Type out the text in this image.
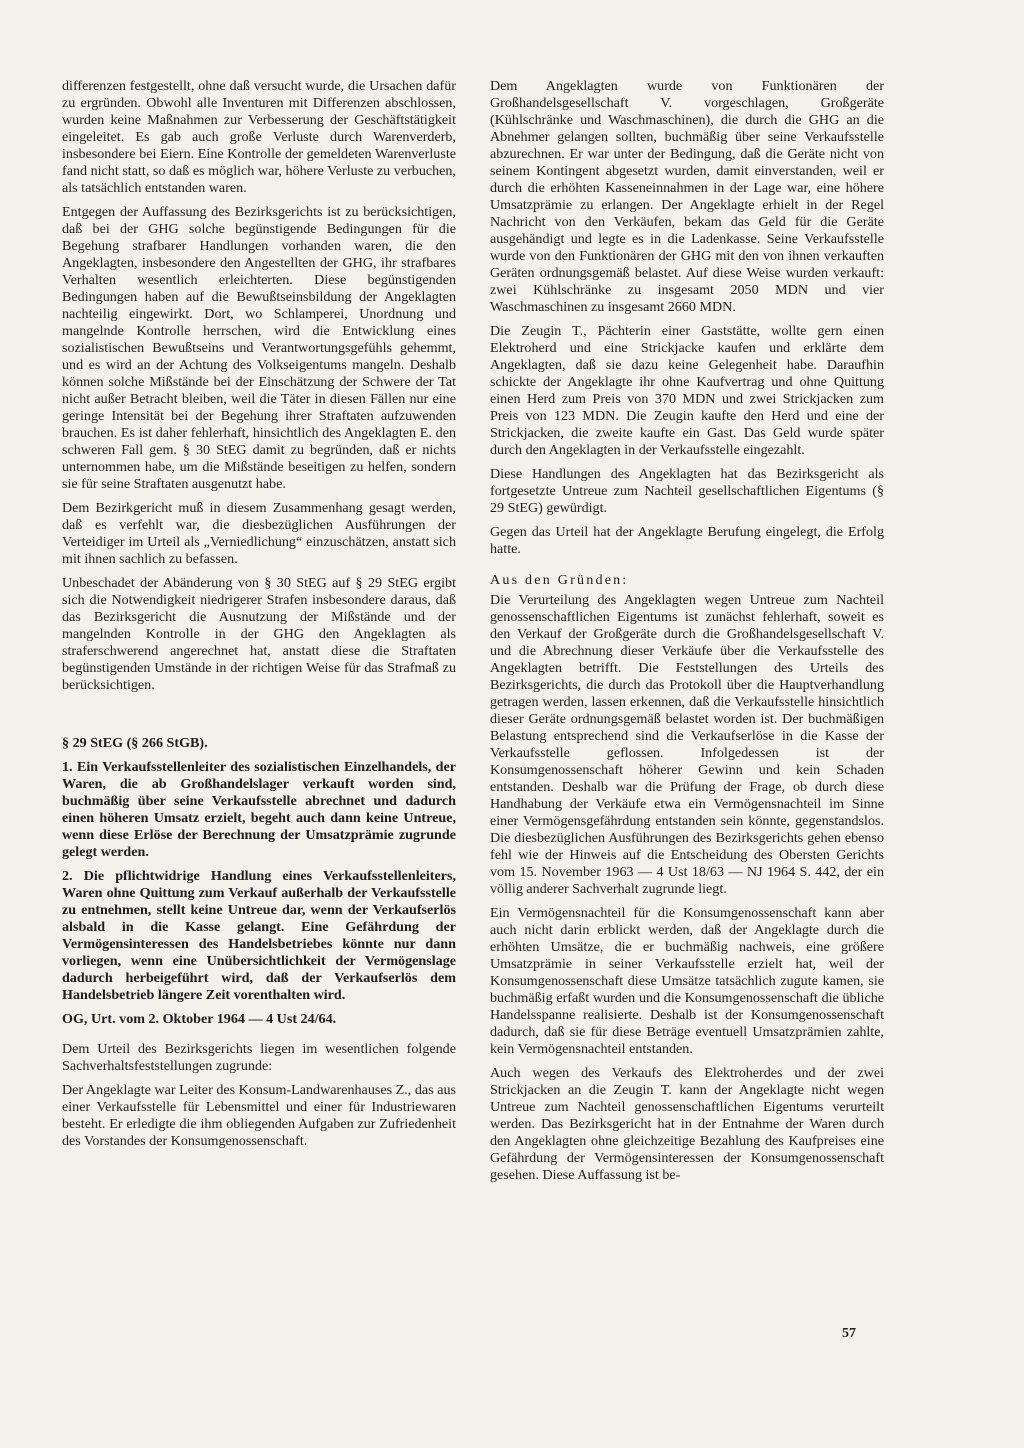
differenzen festgestellt, ohne daß versucht wurde, die Ursachen dafür zu ergründen. Obwohl alle Inventuren mit Differenzen abschlossen, wurden keine Maßnahmen zur Verbesserung der Geschäftstätigkeit eingeleitet. Es gab auch große Verluste durch Warenverderb, insbesondere bei Eiern. Eine Kontrolle der gemeldeten Warenverluste fand nicht statt, so daß es möglich war, höhere Verluste zu verbuchen, als tatsächlich entstanden waren.

Entgegen der Auffassung des Bezirksgerichts ist zu berücksichtigen, daß bei der GHG solche begünstigende Bedingungen für die Begehung strafbarer Handlungen vorhanden waren, die den Angeklagten, insbesondere den Angestellten der GHG, ihr strafbares Verhalten wesentlich erleichterten. Diese begünstigenden Bedingungen haben auf die Bewußtseinsbildung der Angeklagten nachteilig eingewirkt. Dort, wo Schlamperei, Unordnung und mangelnde Kontrolle herrschen, wird die Entwicklung eines sozialistischen Bewußtseins und Verantwortungsgefühls gehemmt, und es wird an der Achtung des Volkseigentums mangeln. Deshalb können solche Mißstände bei der Einschätzung der Schwere der Tat nicht außer Betracht bleiben, weil die Täter in diesen Fällen nur eine geringe Intensität bei der Begehung ihrer Straftaten aufzuwenden brauchen. Es ist daher fehlerhaft, hinsichtlich des Angeklagten E. den schweren Fall gem. § 30 StEG damit zu begründen, daß er nichts unternommen habe, um die Mißstände beseitigen zu helfen, sondern sie für seine Straftaten ausgenutzt habe.

Dem Bezirkgericht muß in diesem Zusammenhang gesagt werden, daß es verfehlt war, die diesbezüglichen Ausführungen der Verteidiger im Urteil als „Verniedlichung“ einzuschätzen, anstatt sich mit ihnen sachlich zu befassen.

Unbeschadet der Abänderung von § 30 StEG auf § 29 StEG ergibt sich die Notwendigkeit niedrigerer Strafen insbesondere daraus, daß das Bezirksgericht die Ausnutzung der Mißstände und der mangelnden Kontrolle in der GHG den Angeklagten als straferschwerend angerechnet hat, anstatt diese die Straftaten begünstigenden Umstände in der richtigen Weise für das Strafmaß zu berücksichtigen.

§ 29 StEG (§ 266 StGB).

1. Ein Verkaufsstellenleiter des sozialistischen Einzelhandels, der Waren, die ab Großhandelslager verkauft worden sind, buchmäßig über seine Verkaufsstelle abrechnet und dadurch einen höheren Umsatz erzielt, begeht auch dann keine Untreue, wenn diese Erlöse der Berechnung der Umsatzprämie zugrunde gelegt werden.

2. Die pflichtwidrige Handlung eines Verkaufsstellenleiters, Waren ohne Quittung zum Verkauf außerhalb der Verkaufsstelle zu entnehmen, stellt keine Untreue dar, wenn der Verkaufserlös alsbald in die Kasse gelangt. Eine Gefährdung der Vermögensinteressen des Handelsbetriebes könnte nur dann vorliegen, wenn eine Unübersichtlichkeit der Vermögenslage dadurch herbeigeführt wird, daß der Verkaufserlös dem Handelsbetrieb längere Zeit vorenthalten wird.

OG, Urt. vom 2. Oktober 1964 — 4 Ust 24/64.

Dem Urteil des Bezirksgerichts liegen im wesentlichen folgende Sachverhaltsfeststellungen zugrunde:

Der Angeklagte war Leiter des Konsum-Landwarenhauses Z., das aus einer Verkaufsstelle für Lebensmittel und einer für Industriewaren besteht. Er erledigte die ihm obliegenden Aufgaben zur Zufriedenheit des Vorstandes der Konsumgenossenschaft.

Dem Angeklagten wurde von Funktionären der Großhandelsgesellschaft V. vorgeschlagen, Großgeräte (Kühlschränke und Waschmaschinen), die durch die GHG an die Abnehmer gelangen sollten, buchmäßig über seine Verkaufsstelle abzurechnen. Er war unter der Bedingung, daß die Geräte nicht von seinem Kontingent abgesetzt wurden, damit einverstanden, weil er durch die erhöhten Kasseneinnahmen in der Lage war, eine höhere Umsatzprämie zu erlangen. Der Angeklagte erhielt in der Regel Nachricht von den Verkäufen, bekam das Geld für die Geräte ausgehändigt und legte es in die Ladenkasse. Seine Verkaufsstelle wurde von den Funktionären der GHG mit den von ihnen verkauften Geräten ordnungsgemäß belastet. Auf diese Weise wurden verkauft: zwei Kühlschränke zu insgesamt 2050 MDN und vier Waschmaschinen zu insgesamt 2660 MDN.

Die Zeugin T., Pächterin einer Gaststätte, wollte gern einen Elektroherd und eine Strickjacke kaufen und erklärte dem Angeklagten, daß sie dazu keine Gelegenheit habe. Daraufhin schickte der Angeklagte ihr ohne Kaufvertrag und ohne Quittung einen Herd zum Preis von 370 MDN und zwei Strickjacken zum Preis von 123 MDN. Die Zeugin kaufte den Herd und eine der Strickjacken, die zweite kaufte ein Gast. Das Geld wurde später durch den Angeklagten in der Verkaufsstelle eingezahlt.

Diese Handlungen des Angeklagten hat das Bezirksgericht als fortgesetzte Untreue zum Nachteil gesellschaftlichen Eigentums (§ 29 StEG) gewürdigt.

Gegen das Urteil hat der Angeklagte Berufung eingelegt, die Erfolg hatte.

Aus den Gründen:

Die Verurteilung des Angeklagten wegen Untreue zum Nachteil genossenschaftlichen Eigentums ist zunächst fehlerhaft, soweit es den Verkauf der Großgeräte durch die Großhandelsgesellschaft V. und die Abrechnung dieser Verkäufe über die Verkaufsstelle des Angeklagten betrifft. Die Feststellungen des Urteils des Bezirksgerichts, die durch das Protokoll über die Hauptverhandlung getragen werden, lassen erkennen, daß die Verkaufsstelle hinsichtlich dieser Geräte ordnungsgemäß belastet worden ist. Der buchmäßigen Belastung entsprechend sind die Verkaufserlöse in die Kasse der Verkaufsstelle geflossen. Infolgedessen ist der Konsumgenossenschaft höherer Gewinn und kein Schaden entstanden. Deshalb war die Prüfung der Frage, ob durch diese Handhabung der Verkäufe etwa ein Vermögensnachteil im Sinne einer Vermögensgefährdung entstanden sein könnte, gegenstandslos. Die diesbezüglichen Ausführungen des Bezirksgerichts gehen ebenso fehl wie der Hinweis auf die Entscheidung des Obersten Gerichts vom 15. November 1963 — 4 Ust 18/63 — NJ 1964 S. 442, der ein völlig anderer Sachverhalt zugrunde liegt.

Ein Vermögensnachteil für die Konsumgenossenschaft kann aber auch nicht darin erblickt werden, daß der Angeklagte durch die erhöhten Umsätze, die er buchmäßig nachweis, eine größere Umsatzprämie in seiner Verkaufsstelle erzielt hat, weil der Konsumgenossenschaft diese Umsätze tatsächlich zugute kamen, sie buchmäßig erfaßt wurden und die Konsumgenossenschaft die übliche Handelsspanne realisierte. Deshalb ist der Konsumgenossenschaft dadurch, daß sie für diese Beträge eventuell Umsatzprämien zahlte, kein Vermögensnachteil entstanden.

Auch wegen des Verkaufs des Elektroherdes und der zwei Strickjacken an die Zeugin T. kann der Angeklagte nicht wegen Untreue zum Nachteil genossenschaftlichen Eigentums verurteilt werden. Das Bezirksgericht hat in der Entnahme der Waren durch den Angeklagten ohne gleichzeitige Bezahlung des Kaufpreises eine Gefährdung der Vermögensinteressen der Konsumgenossenschaft gesehen. Diese Auffassung ist be-

57
